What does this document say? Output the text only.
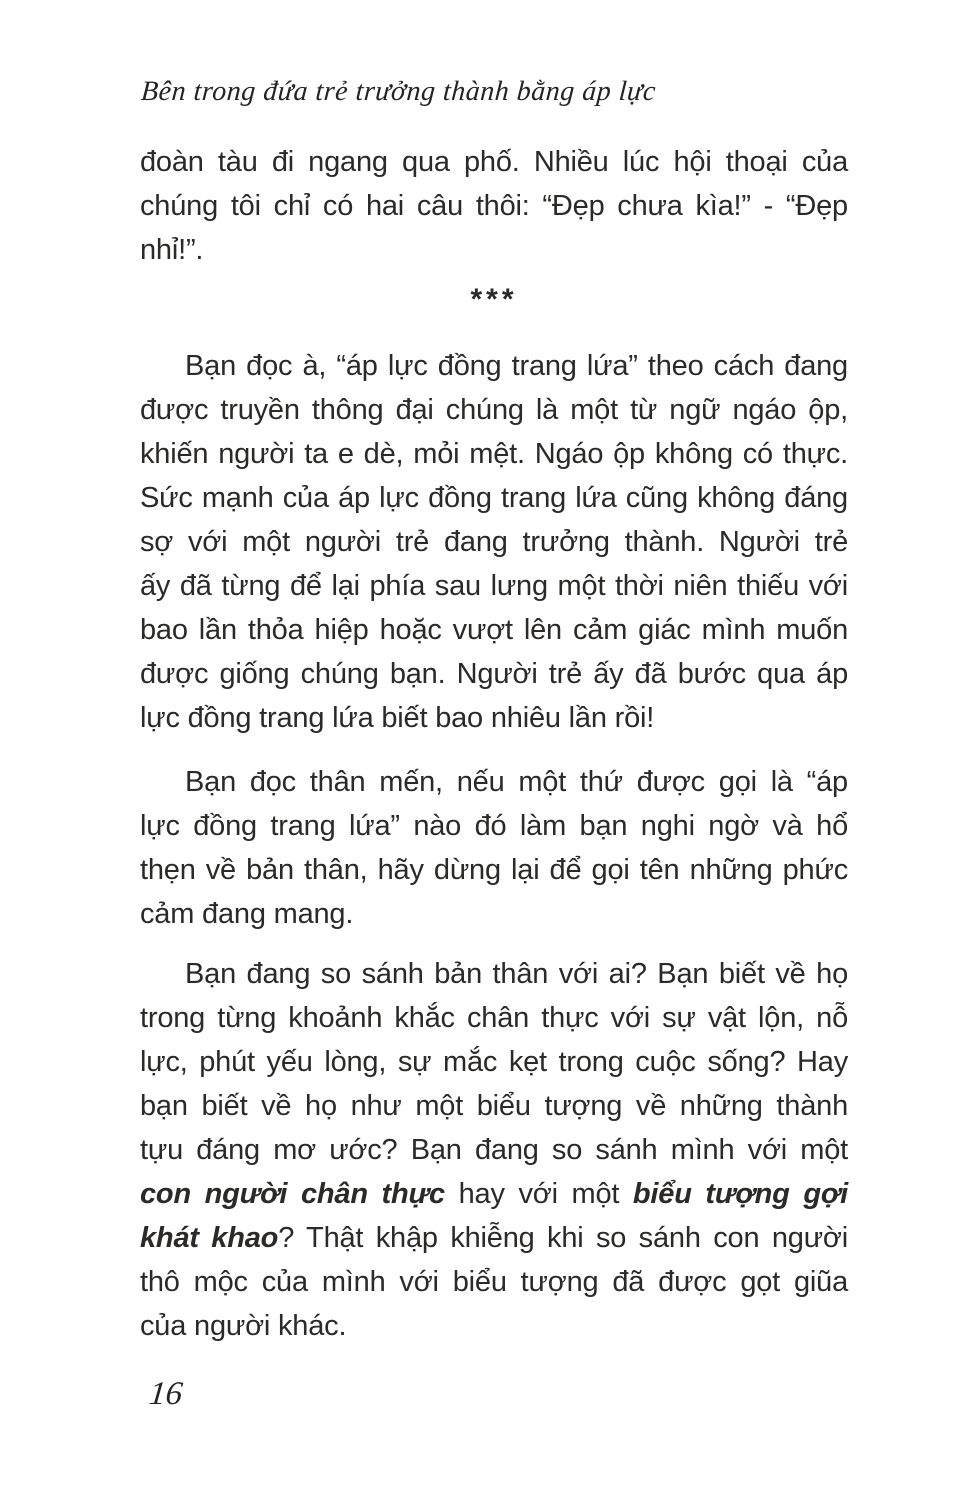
Bên trong đứa trẻ trưởng thành bằng áp lực
đoàn tàu đi ngang qua phố. Nhiều lúc hội thoại của
chúng tôi chỉ có hai câu thôi: “Đẹp chưa kìa!” - “Đẹp
nhỉ!”.
***
Bạn đọc à, “áp lực đồng trang lứa” theo cách đang
được truyền thông đại chúng là một từ ngữ ngáo ộp,
khiến người ta e dè, mỏi mệt. Ngáo ộp không có thực.
Sức mạnh của áp lực đồng trang lứa cũng không đáng
sợ với một người trẻ đang trưởng thành. Người trẻ
ấy đã từng để lại phía sau lưng một thời niên thiếu với
bao lần thỏa hiệp hoặc vượt lên cảm giác mình muốn
được giống chúng bạn. Người trẻ ấy đã bước qua áp
lực đồng trang lứa biết bao nhiêu lần rồi!
Bạn đọc thân mến, nếu một thứ được gọi là “áp
lực đồng trang lứa” nào đó làm bạn nghi ngờ và hổ
thẹn về bản thân, hãy dừng lại để gọi tên những phức
cảm đang mang.
Bạn đang so sánh bản thân với ai? Bạn biết về họ
trong từng khoảnh khắc chân thực với sự vật lộn, nỗ
lực, phút yếu lòng, sự mắc kẹt trong cuộc sống? Hay
bạn biết về họ như một biểu tượng về những thành
tựu đáng mơ ước? Bạn đang so sánh mình với một
con người chân thực hay với một biểu tượng gợi
khát khao? Thật khập khiễng khi so sánh con người
thô mộc của mình với biểu tượng đã được gọt giũa
của người khác.
16
